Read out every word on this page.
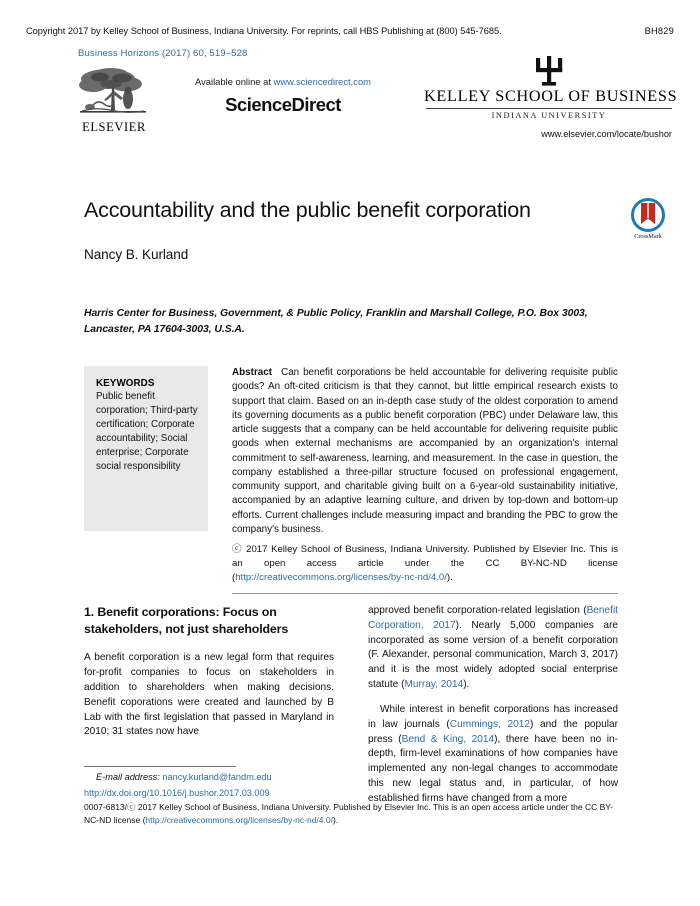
Copyright 2017 by Kelley School of Business, Indiana University. For reprints, call HBS Publishing at (800) 545-7685.	BH829
Business Horizons (2017) 60, 519–528
ELSEVIER
Available online at www.sciencedirect.com
ScienceDirect	KELLEY SCHOOL OF BUSINESS
INDIANA UNIVERSITY
www.elsevier.com/locate/bushor
Accountability and the public benefit corporation
Nancy B. Kurland
CrossMark
Harris Center for Business, Government, & Public Policy, Franklin and Marshall College, P.O. Box 3003, Lancaster, PA 17604-3003, U.S.A.
KEYWORDS
Public benefit corporation; Third-party certification; Corporate accountability; Social enterprise; Corporate social responsibility
Abstract Can benefit corporations be held accountable for delivering requisite public goods? An oft-cited criticism is that they cannot, but little empirical research exists to support that claim. Based on an in-depth case study of the oldest corporation to amend its governing documents as a public benefit corporation (PBC) under Delaware law, this article suggests that a company can be held accountable for delivering requisite public goods when external mechanisms are accompanied by an organization's internal commitment to self-awareness, learning, and measurement. In the case in question, the company established a three-pillar structure focused on professional engagement, community support, and charitable giving built on a 6-year-old sustainability initiative, accompanied by an adaptive learning culture, and driven by top-down and bottom-up efforts. Current challenges include measuring impact and branding the PBC to grow the company's business.
ⓒ 2017 Kelley School of Business, Indiana University. Published by Elsevier Inc. This is an open access article under the CC BY-NC-ND license (http://creativecommons.org/licenses/by-nc-nd/4.0/).
1. Benefit corporations: Focus on stakeholders, not just shareholders

A benefit corporation is a new legal form that requires for-profit companies to focus on stakeholders in addition to shareholders when making decisions. Benefit coporations were created and launched by B Lab with the first legislation that passed in Maryland in 2010; 31 states now have

approved benefit corporation-related legislation (Benefit Corporation, 2017). Nearly 5,000 companies are incorporated as some version of a benefit corporation (F. Alexander, personal communication, March 3, 2017) and it is the most widely adopted social enterprise statute (Murray, 2014).

While interest in benefit corporations has increased in law journals (Cummings, 2012) and the popular press (Bend & King, 2014), there have been no in-depth, firm-level examinations of how companies have implemented any non-legal changes to accommodate this new legal status and, in particular, of how established firms have changed from a more

E-mail address: nancy.kurland@fandm.edu
http://dx.doi.org/10.1016/j.bushor.2017.03.009
0007-6813/ⓒ 2017 Kelley School of Business, Indiana University. Published by Elsevier Inc. This is an open access article under the CC BY-NC-ND license (http://creativecommons.org/licenses/by-nc-nd/4.0/).
